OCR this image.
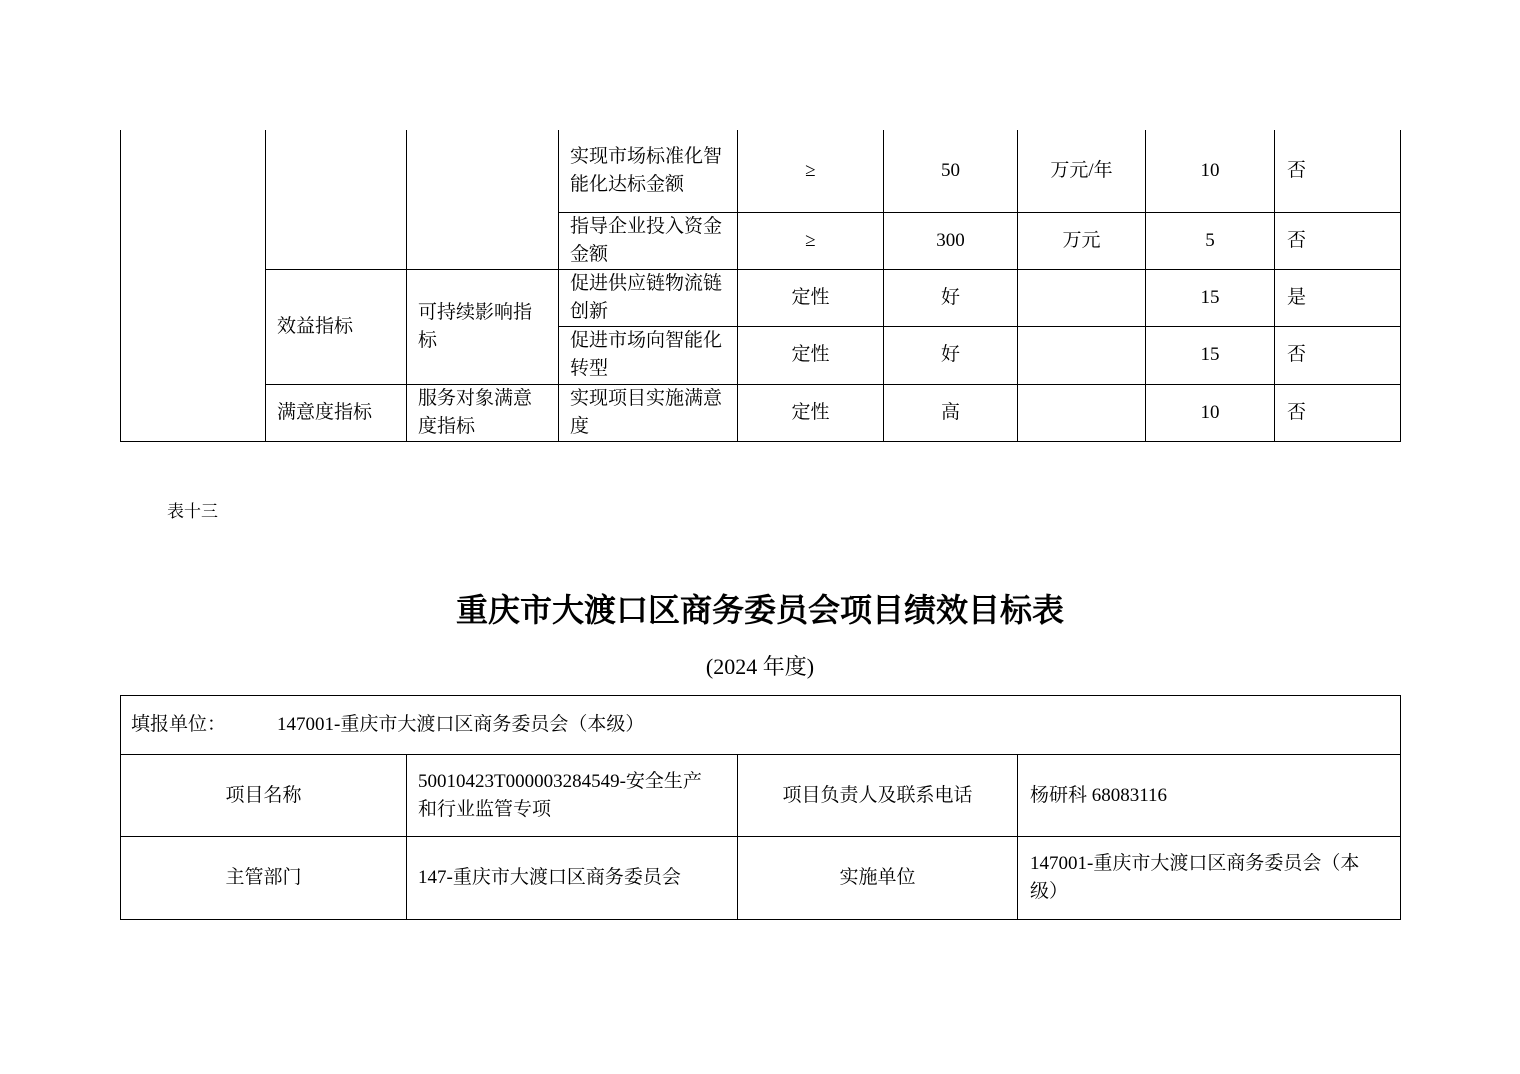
			实现市场标准化智能化达标金额	≥	50	万元/年	10	否

			指导企业投入资金金额	≥	300	万元	5	否
	效益指标	可持续影响指标	促进供应链物流链创新	定性	好		15	是

			促进市场向智能化转型	定性	好		15	否
	满意度指标	服务对象满意度指标	实现项目实施满意度	定性	高		10	否
表十三
重庆市大渡口区商务委员会项目绩效目标表
(2024 年度)
填报单位： 147001-重庆市大渡口区商务委员会（本级）			
项目名称	50010423T000003284549-安全生产和行业监管专项	项目负责人及联系电话	杨研科 68083116
主管部门	147-重庆市大渡口区商务委员会	实施单位	147001-重庆市大渡口区商务委员会（本级）
